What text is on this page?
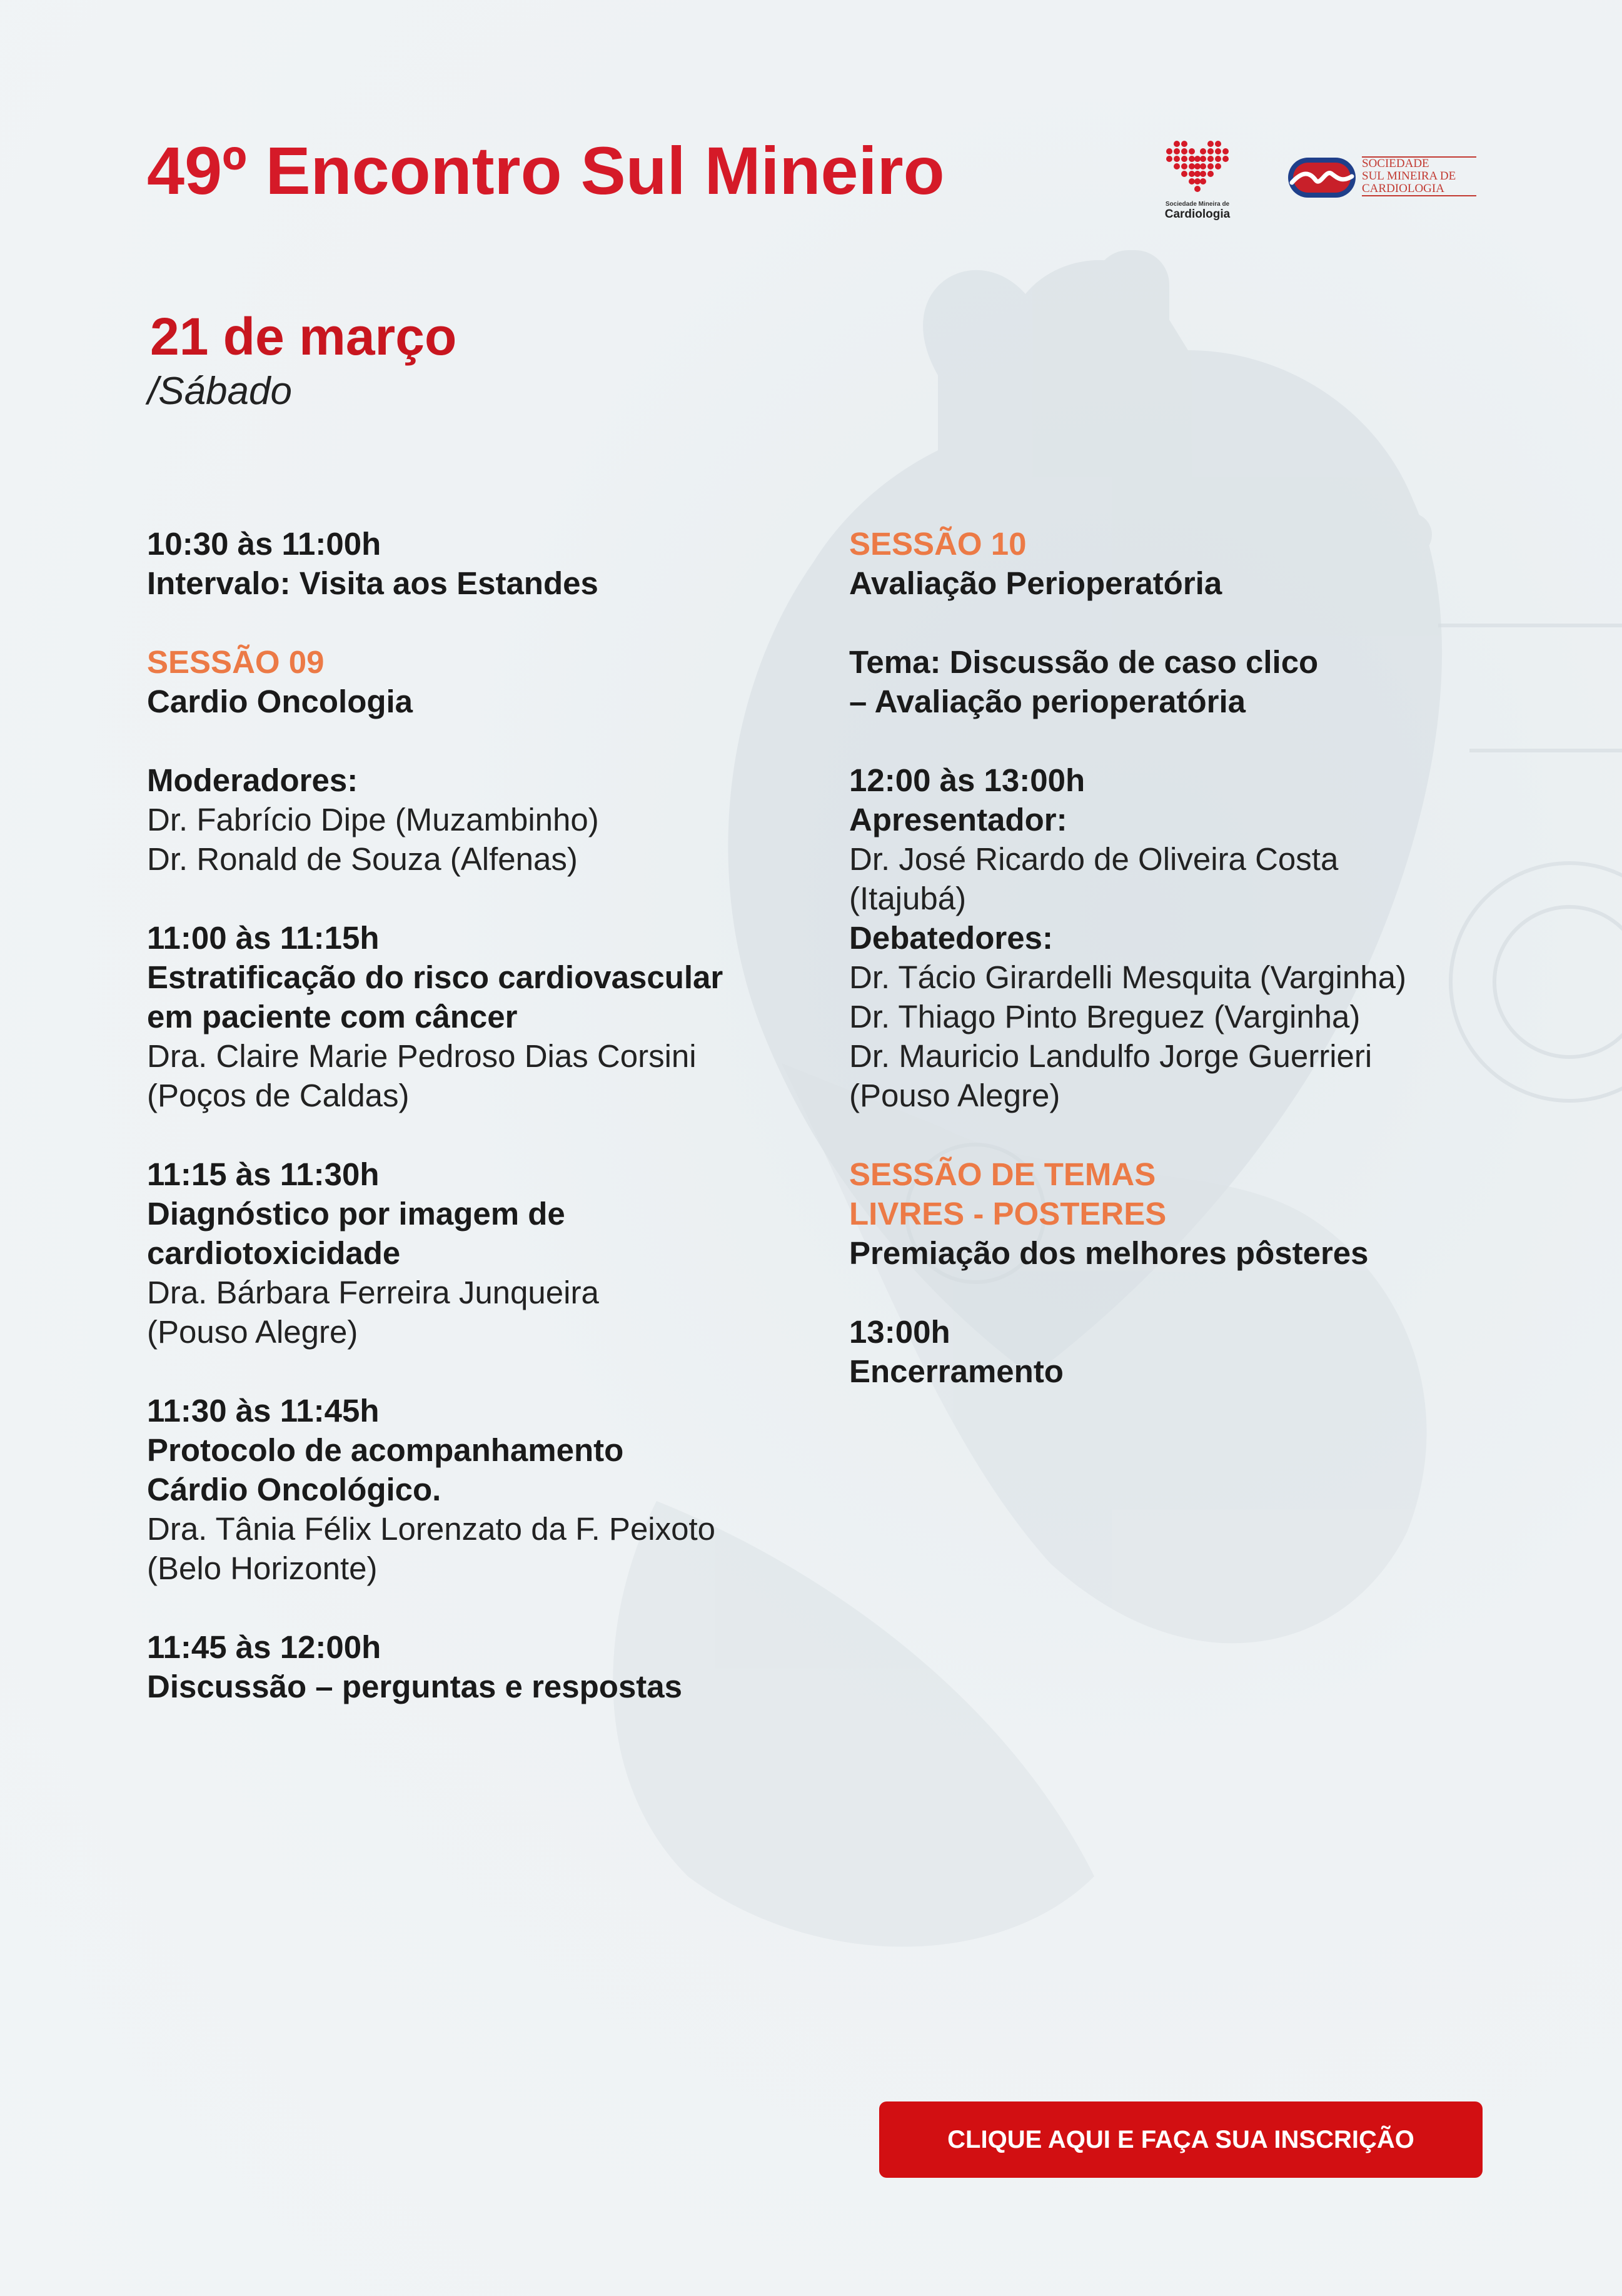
49º Encontro Sul Mineiro
21 de março
/Sábado
Sociedade Mineira de
Cardiologia
SOCIEDADE
SUL MINEIRA DE
CARDIOLOGIA
10:30 às 11:00h
Intervalo: Visita aos Estandes
SESSÃO 09
Cardio Oncologia
Moderadores:
Dr. Fabrício Dipe (Muzambinho)
Dr. Ronald de Souza (Alfenas)
11:00 às 11:15h
Estratificação do risco cardiovascular
em paciente com câncer
Dra. Claire Marie Pedroso Dias Corsini
(Poços de Caldas)
11:15 às 11:30h
Diagnóstico por imagem de
cardiotoxicidade
Dra. Bárbara Ferreira Junqueira
(Pouso Alegre)
11:30 às 11:45h
Protocolo de acompanhamento
Cárdio Oncológico.
Dra. Tânia Félix Lorenzato da F. Peixoto
(Belo Horizonte)
11:45 às 12:00h
Discussão – perguntas e respostas
SESSÃO 10
Avaliação Perioperatória
Tema: Discussão de caso clico
– Avaliação perioperatória
12:00 às 13:00h
Apresentador:
Dr. José Ricardo de Oliveira Costa
(Itajubá)
Debatedores:
Dr. Tácio Girardelli Mesquita (Varginha)
Dr. Thiago Pinto Breguez (Varginha)
Dr. Mauricio Landulfo Jorge Guerrieri
(Pouso Alegre)
SESSÃO DE TEMAS
LIVRES - POSTERES
Premiação dos melhores pôsteres
13:00h
Encerramento
CLIQUE AQUI E FAÇA SUA INSCRIÇÃO
